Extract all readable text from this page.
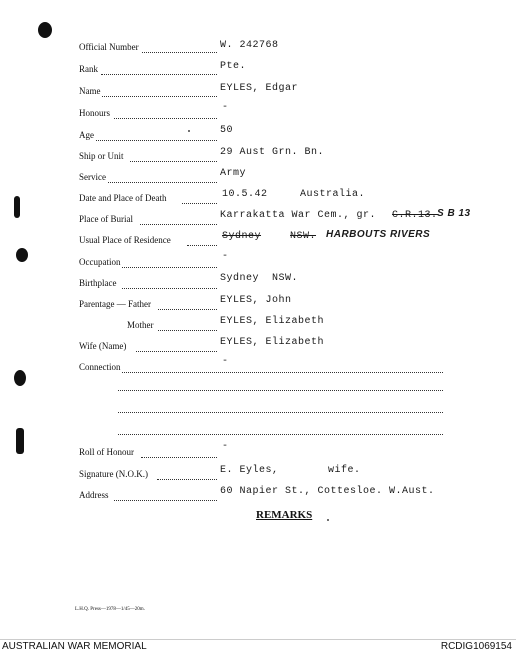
Official Number	W. 242768
Rank	Pte.
Name	EYLES, Edgar
Honours	-
Age	50
Ship or Unit	29 Aust Grn. Bn.
Service	Army
Date and Place of Death	10.5.42	Australia.
Place of Burial	Karrakatta War Cem., gr. C.R.13. S B 13
Usual Place of Residence	Sydney	NSW. HARBOUTS RIVERS
Occupation	-
Birthplace	Sydney  NSW.
Parentage — Father	EYLES, John
Mother	EYLES, Elizabeth
Wife (Name)	EYLES, Elizabeth
Connection	-
Roll of Honour	-
Signature (N.O.K.)	E. Eyles,	wife.
Address	60 Napier St., Cottesloe. W.Aust.
REMARKS
L.H.Q. Press—1978—1/45—20m.
AUSTRALIAN WAR MEMORIAL	RCDIG1069154
